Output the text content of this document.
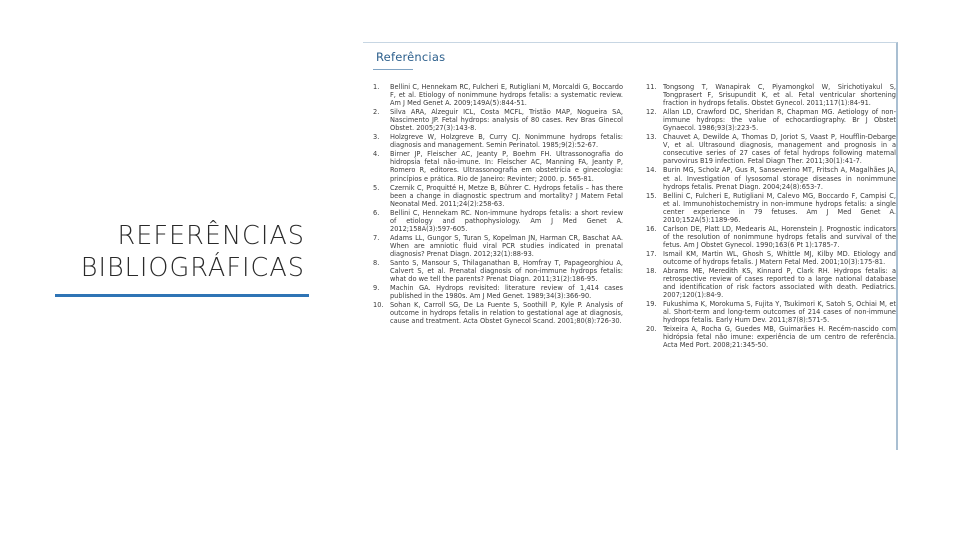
REFERÊNCIAS
BIBLIOGRÁFICAS
Referências
1.	Bellini C, Hennekam RC, Fulcheri E, Rutigliani M, Morcaldi G, Boccardo F, et al. Etiology of nonimmune hydrops fetalis: a systematic review. Am J Med Genet A. 2009;149A(5):844-51.
2.	Silva ARA, Alzeguir ICL, Costa MCFL, Tristão MAP, Nogueira SA, Nascimento JP. Fetal hydrops: analysis of 80 cases. Rev Bras Ginecol Obstet. 2005;27(3):143-8.
3.	Holzgreve W, Holzgreve B, Curry CJ. Nonimmune hydrops fetalis: diagnosis and management. Semin Perinatol. 1985;9(2):52-67.
4.	Birner JP, Fleischer AC, Jeanty P, Boehm FH. Ultrassonografia do hidropsia fetal não-imune. In: Fleischer AC, Manning FA, Jeanty P, Romero R, editores. Ultrassonografia em obstetrícia e ginecologia: princípios e prática. Rio de Janeiro: Revinter; 2000. p. 565-81.
5.	Czernik C, Proquitté H, Metze B, Bührer C. Hydrops fetalis – has there been a change in diagnostic spectrum and mortality? J Matern Fetal Neonatal Med. 2011;24(2):258-63.
6.	Bellini C, Hennekam RC. Non-immune hydrops fetalis: a short review of etiology and pathophysiology. Am J Med Genet A. 2012;158A(3):597-605.
7.	Adams LL, Gungor S, Turan S, Kopelman JN, Harman CR, Baschat AA. When are amniotic fluid viral PCR studies indicated in prenatal diagnosis? Prenat Diagn. 2012;32(1):88-93.
8.	Santo S, Mansour S, Thilaganathan B, Homfray T, Papageorghiou A, Calvert S, et al. Prenatal diagnosis of non-immune hydrops fetalis: what do we tell the parents? Prenat Diagn. 2011;31(2):186-95.
9.	Machin GA. Hydrops revisited: literature review of 1,414 cases published in the 1980s. Am J Med Genet. 1989;34(3):366-90.
10. Sohan K, Carroll SG, De La Fuente S, Soothill P, Kyle P. Analysis of outcome in hydrops fetalis in relation to gestational age at diagnosis, cause and treatment. Acta Obstet Gynecol Scand. 2001;80(8):726-30.
11. Tongsong T, Wanapirak C, Piyamongkol W, Sirichotiyakul S, Tongprasert F, Srisupundit K, et al. Fetal ventricular shortening fraction in hydrops fetalis. Obstet Gynecol. 2011;117(1):84-91.
12. Allan LD, Crawford DC, Sheridan R, Chapman MG. Aetiology of non-immune hydrops: the value of echocardiography. Br J Obstet Gynaecol. 1986;93(3):223-5.
13. Chauvet A, Dewilde A, Thomas D, Joriot S, Vaast P, Houfflin-Debarge V, et al. Ultrasound diagnosis, management and prognosis in a consecutive series of 27 cases of fetal hydrops following maternal parvovirus B19 infection. Fetal Diagn Ther. 2011;30(1):41-7.
14. Burin MG, Scholz AP, Gus R, Sanseverino MT, Fritsch A, Magalhães JA, et al. Investigation of lysosomal storage diseases in nonimmune hydrops fetalis. Prenat Diagn. 2004;24(8):653-7.
15. Bellini C, Fulcheri E, Rutigliani M, Calevo MG, Boccardo F, Campisi C, et al. Immunohistochemistry in non-immune hydrops fetalis: a single center experience in 79 fetuses. Am J Med Genet A. 2010;152A(5):1189-96.
16. Carlson DE, Platt LD, Medearis AL, Horenstein J. Prognostic indicators of the resolution of nonimmune hydrops fetalis and survival of the fetus. Am J Obstet Gynecol. 1990;163(6 Pt 1):1785-7.
17. Ismail KM, Martin WL, Ghosh S, Whittle MJ, Kilby MD. Etiology and outcome of hydrops fetalis. J Matern Fetal Med. 2001;10(3):175-81.
18. Abrams ME, Meredith KS, Kinnard P, Clark RH. Hydrops fetalis: a retrospective review of cases reported to a large national database and identification of risk factors associated with death. Pediatrics. 2007;120(1):84-9.
19. Fukushima K, Morokuma S, Fujita Y, Tsukimori K, Satoh S, Ochiai M, et al. Short-term and long-term outcomes of 214 cases of non-immune hydrops fetalis. Early Hum Dev. 2011;87(8):571-5.
20. Teixeira A, Rocha G, Guedes MB, Guimarães H. Recém-nascido com hidrópsia fetal não imune: experiência de um centro de referência. Acta Med Port. 2008;21:345-50.
